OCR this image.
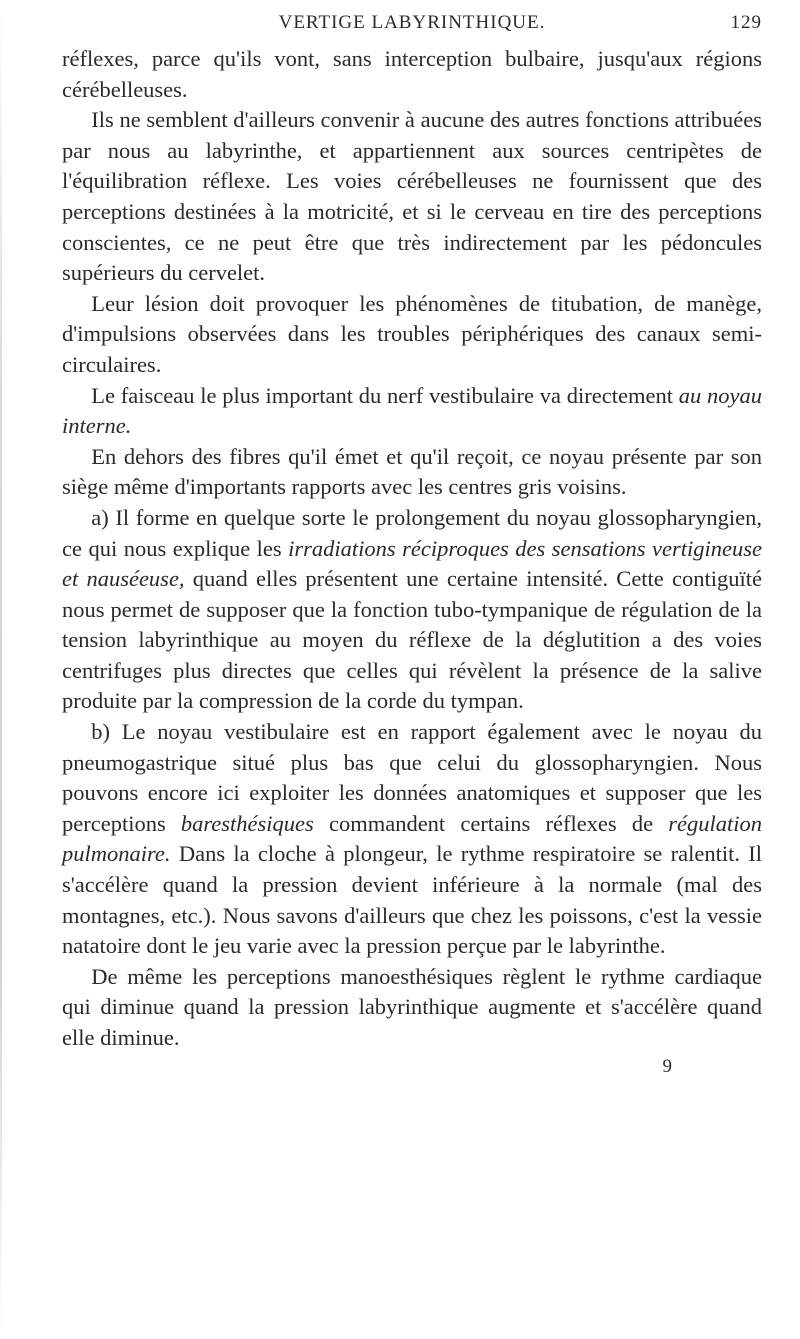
VERTIGE LABYRINTHIQUE.	129

réflexes, parce qu'ils vont, sans interception bulbaire, jusqu'aux régions cérébelleuses.

Ils ne semblent d'ailleurs convenir à aucune des autres fonctions attribuées par nous au labyrinthe, et appartiennent aux sources centripètes de l'équilibration réflexe. Les voies cérébelleuses ne fournissent que des perceptions destinées à la motricité, et si le cerveau en tire des perceptions conscientes, ce ne peut être que très indirectement par les pédoncules supérieurs du cervelet.

Leur lésion doit provoquer les phénomènes de titubation, de manège, d'impulsions observées dans les troubles périphériques des canaux semi-circulaires.

Le faisceau le plus important du nerf vestibulaire va directement au noyau interne.

En dehors des fibres qu'il émet et qu'il reçoit, ce noyau présente par son siège même d'importants rapports avec les centres gris voisins.

a) Il forme en quelque sorte le prolongement du noyau glossopharyngien, ce qui nous explique les irradiations réciproques des sensations vertigineuse et nauséeuse, quand elles présentent une certaine intensité. Cette contiguïté nous permet de supposer que la fonction tubo-tympanique de régulation de la tension labyrinthique au moyen du réflexe de la déglutition a des voies centrifuges plus directes que celles qui révèlent la présence de la salive produite par la compression de la corde du tympan.

b) Le noyau vestibulaire est en rapport également avec le noyau du pneumogastrique situé plus bas que celui du glossopharyngien. Nous pouvons encore ici exploiter les données anatomiques et supposer que les perceptions baresthésiques commandent certains réflexes de régulation pulmonaire. Dans la cloche à plongeur, le rythme respiratoire se ralentit. Il s'accélère quand la pression devient inférieure à la normale (mal des montagnes, etc.). Nous savons d'ailleurs que chez les poissons, c'est la vessie natatoire dont le jeu varie avec la pression perçue par le labyrinthe.

De même les perceptions manoesthésiques règlent le rythme cardiaque qui diminue quand la pression labyrinthique augmente et s'accélère quand elle diminue.

9
